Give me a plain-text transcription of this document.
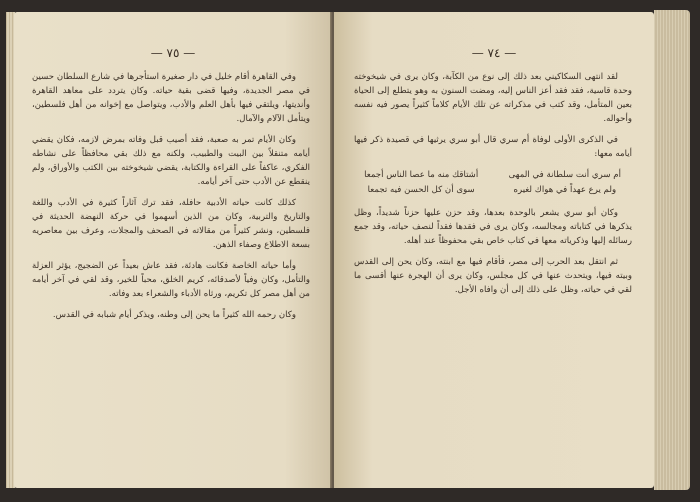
— ٧٥ —

وفي القاهرة أقام خليل في دار صغيرة استأجرها في شارع السلطان حسين في مصر الجديدة، وفيها قضى بقية حياته. وكان يتردد على معاهد القاهرة وأنديتها، ويلتقي فيها بأهل العلم والأدب، ويتواصل مع إخوانه من أهل فلسطين، ويتأمل الآلام والآمال.

وكان الأيام تمر به صعبة، فقد أصيب قبل وفاته بمرض لازمه، فكان يقضي أيامه متنقلاً بين البيت والطبيب، ولكنه مع ذلك بقي محافظاً على نشاطه الفكري، عاكفاً على القراءة والكتابة، يقضي شيخوخته بين الكتب والأوراق، ولم ينقطع عن الأدب حتى آخر أيامه.

كذلك كانت حياته الأدبية حافلة، فقد ترك آثاراً كثيرة في الأدب واللغة والتاريخ والتربية، وكان من الذين أسهموا في حركة النهضة الحديثة في فلسطين، ونشر كثيراً من مقالاته في الصحف والمجلات، وعرف بين معاصريه بسعة الاطلاع وصفاء الذهن.

وأما حياته الخاصة فكانت هادئة، فقد عاش بعيداً عن الضجيج، يؤثر العزلة والتأمل، وكان وفياً لأصدقائه، كريم الخلق، محباً للخير، وقد لقي في آخر أيامه من أهل مصر كل تكريم، ورثاه الأدباء والشعراء بعد وفاته.

وكان رحمه الله كثيراً ما يحن إلى وطنه، ويذكر أيام شبابه في القدس.

— ٧٤ —

لقد انتهى السكاكيني بعد ذلك إلى نوع من الكآبة، وكان يرى في شيخوخته وحدة قاسية، فقد فقد أعز الناس إليه، ومضت السنون به وهو يتطلع إلى الحياة بعين المتأمل، وقد كتب في مذكراته عن تلك الأيام كلاماً كثيراً يصور فيه نفسه وأحواله.

في الذكرى الأولى لوفاة أم سري قال أبو سري يرثيها في قصيدة ذكر فيها أيامه معها:

أم سري أنت سلطانة في المهى
أشتاقك منه ما عصا الناس أجمعا
ولم يرع عهداً في هواك لغيره
سوى أن كل الحسن فيه تجمعا

وكان أبو سري يشعر بالوحدة بعدها، وقد حزن عليها حزناً شديداً، وظل يذكرها في كتاباته ومجالسه، وكان يرى في فقدها فقداً لنصف حياته، وقد جمع رسائله إليها وذكرياته معها في كتاب خاص بقي محفوظاً عند أهله.

ثم انتقل بعد الحرب إلى مصر، فأقام فيها مع ابنته، وكان يحن إلى القدس وبيته فيها، ويتحدث عنها في كل مجلس، وكان يرى أن الهجرة عنها أقسى ما لقي في حياته، وظل على ذلك إلى أن وافاه الأجل.
